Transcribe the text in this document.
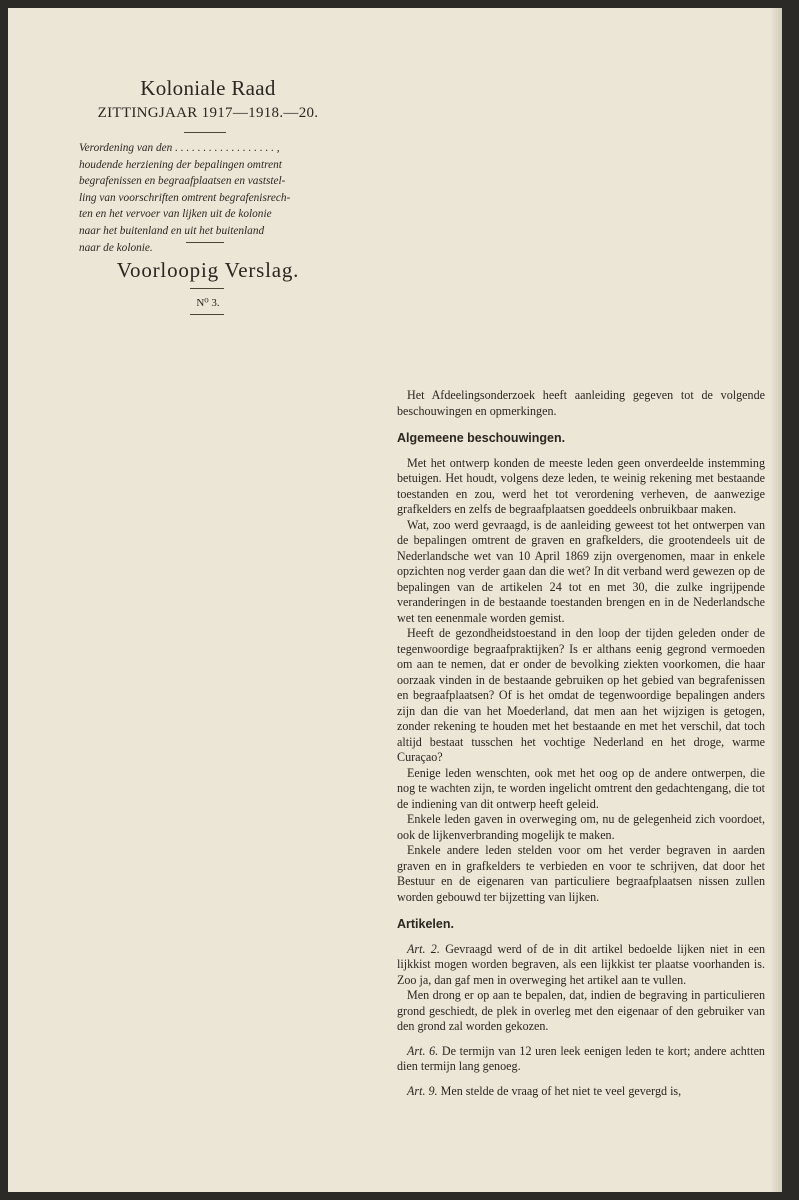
Koloniale Raad
ZITTINGJAAR 1917—1918.—20.
Verordening van den . . . . . . . . . . . . . . . . . . ,
houdende herziening der bepalingen omtrent
begrafenissen en begraafplaatsen en vaststel-
ling van voorschriften omtrent begrafenisrech-
ten en het vervoer van lijken uit de kolonie
naar het buitenland en uit het buitenland
naar de kolonie.
Voorloopig Verslag.
N⁰ 3.

Het Afdeelingsonderzoek heeft aanleiding gegeven tot de volgende beschouwingen en opmerkingen.

Algemeene beschouwingen.

Met het ontwerp konden de meeste leden geen onverdeelde instemming betuigen. Het houdt, volgens deze leden, te weinig rekening met bestaande toestanden en zou, werd het tot verordening verheven, de aanwezige grafkelders en zelfs de begraafplaatsen goeddeels onbruikbaar maken.

Wat, zoo werd gevraagd, is de aanleiding geweest tot het ontwerpen van de bepalingen omtrent de graven en grafkelders, die grootendeels uit de Nederlandsche wet van 10 April 1869 zijn overgenomen, maar in enkele opzichten nog verder gaan dan die wet? In dit verband werd gewezen op de bepalingen van de artikelen 24 tot en met 30, die zulke ingrijpende veranderingen in de bestaande toestanden brengen en in de Nederlandsche wet ten eenenmale worden gemist.

Heeft de gezondheidstoestand in den loop der tijden geleden onder de tegenwoordige begraafpraktijken? Is er althans eenig gegrond vermoeden om aan te nemen, dat er onder de bevolking ziekten voorkomen, die haar oorzaak vinden in de bestaande gebruiken op het gebied van begrafenissen en begraafplaatsen? Of is het omdat de tegenwoordige bepalingen anders zijn dan die van het Moederland, dat men aan het wijzigen is getogen, zonder rekening te houden met het bestaande en met het verschil, dat toch altijd bestaat tusschen het vochtige Nederland en het droge, warme Curaçao?

Eenige leden wenschten, ook met het oog op de andere ontwerpen, die nog te wachten zijn, te worden ingelicht omtrent den gedachtengang, die tot de indiening van dit ontwerp heeft geleid.

Enkele leden gaven in overweging om, nu de gelegenheid zich voordoet, ook de lijkenverbranding mogelijk te maken.

Enkele andere leden stelden voor om het verder begraven in aarden graven en in grafkelders te verbieden en voor te schrijven, dat door het Bestuur en de eigenaren van particuliere begraafplaatsen nissen zullen worden gebouwd ter bijzetting van lijken.

Artikelen.

Art. 2. Gevraagd werd of de in dit artikel bedoelde lijken niet in een lijkkist mogen worden begraven, als een lijkkist ter plaatse voorhanden is. Zoo ja, dan gaf men in overweging het artikel aan te vullen.

Men drong er op aan te bepalen, dat, indien de begraving in particulieren grond geschiedt, de plek in overleg met den eigenaar of den gebruiker van den grond zal worden gekozen.

Art. 6. De termijn van 12 uren leek eenigen leden te kort; andere achtten dien termijn lang genoeg.

Art. 9. Men stelde de vraag of het niet te veel gevergd is,
